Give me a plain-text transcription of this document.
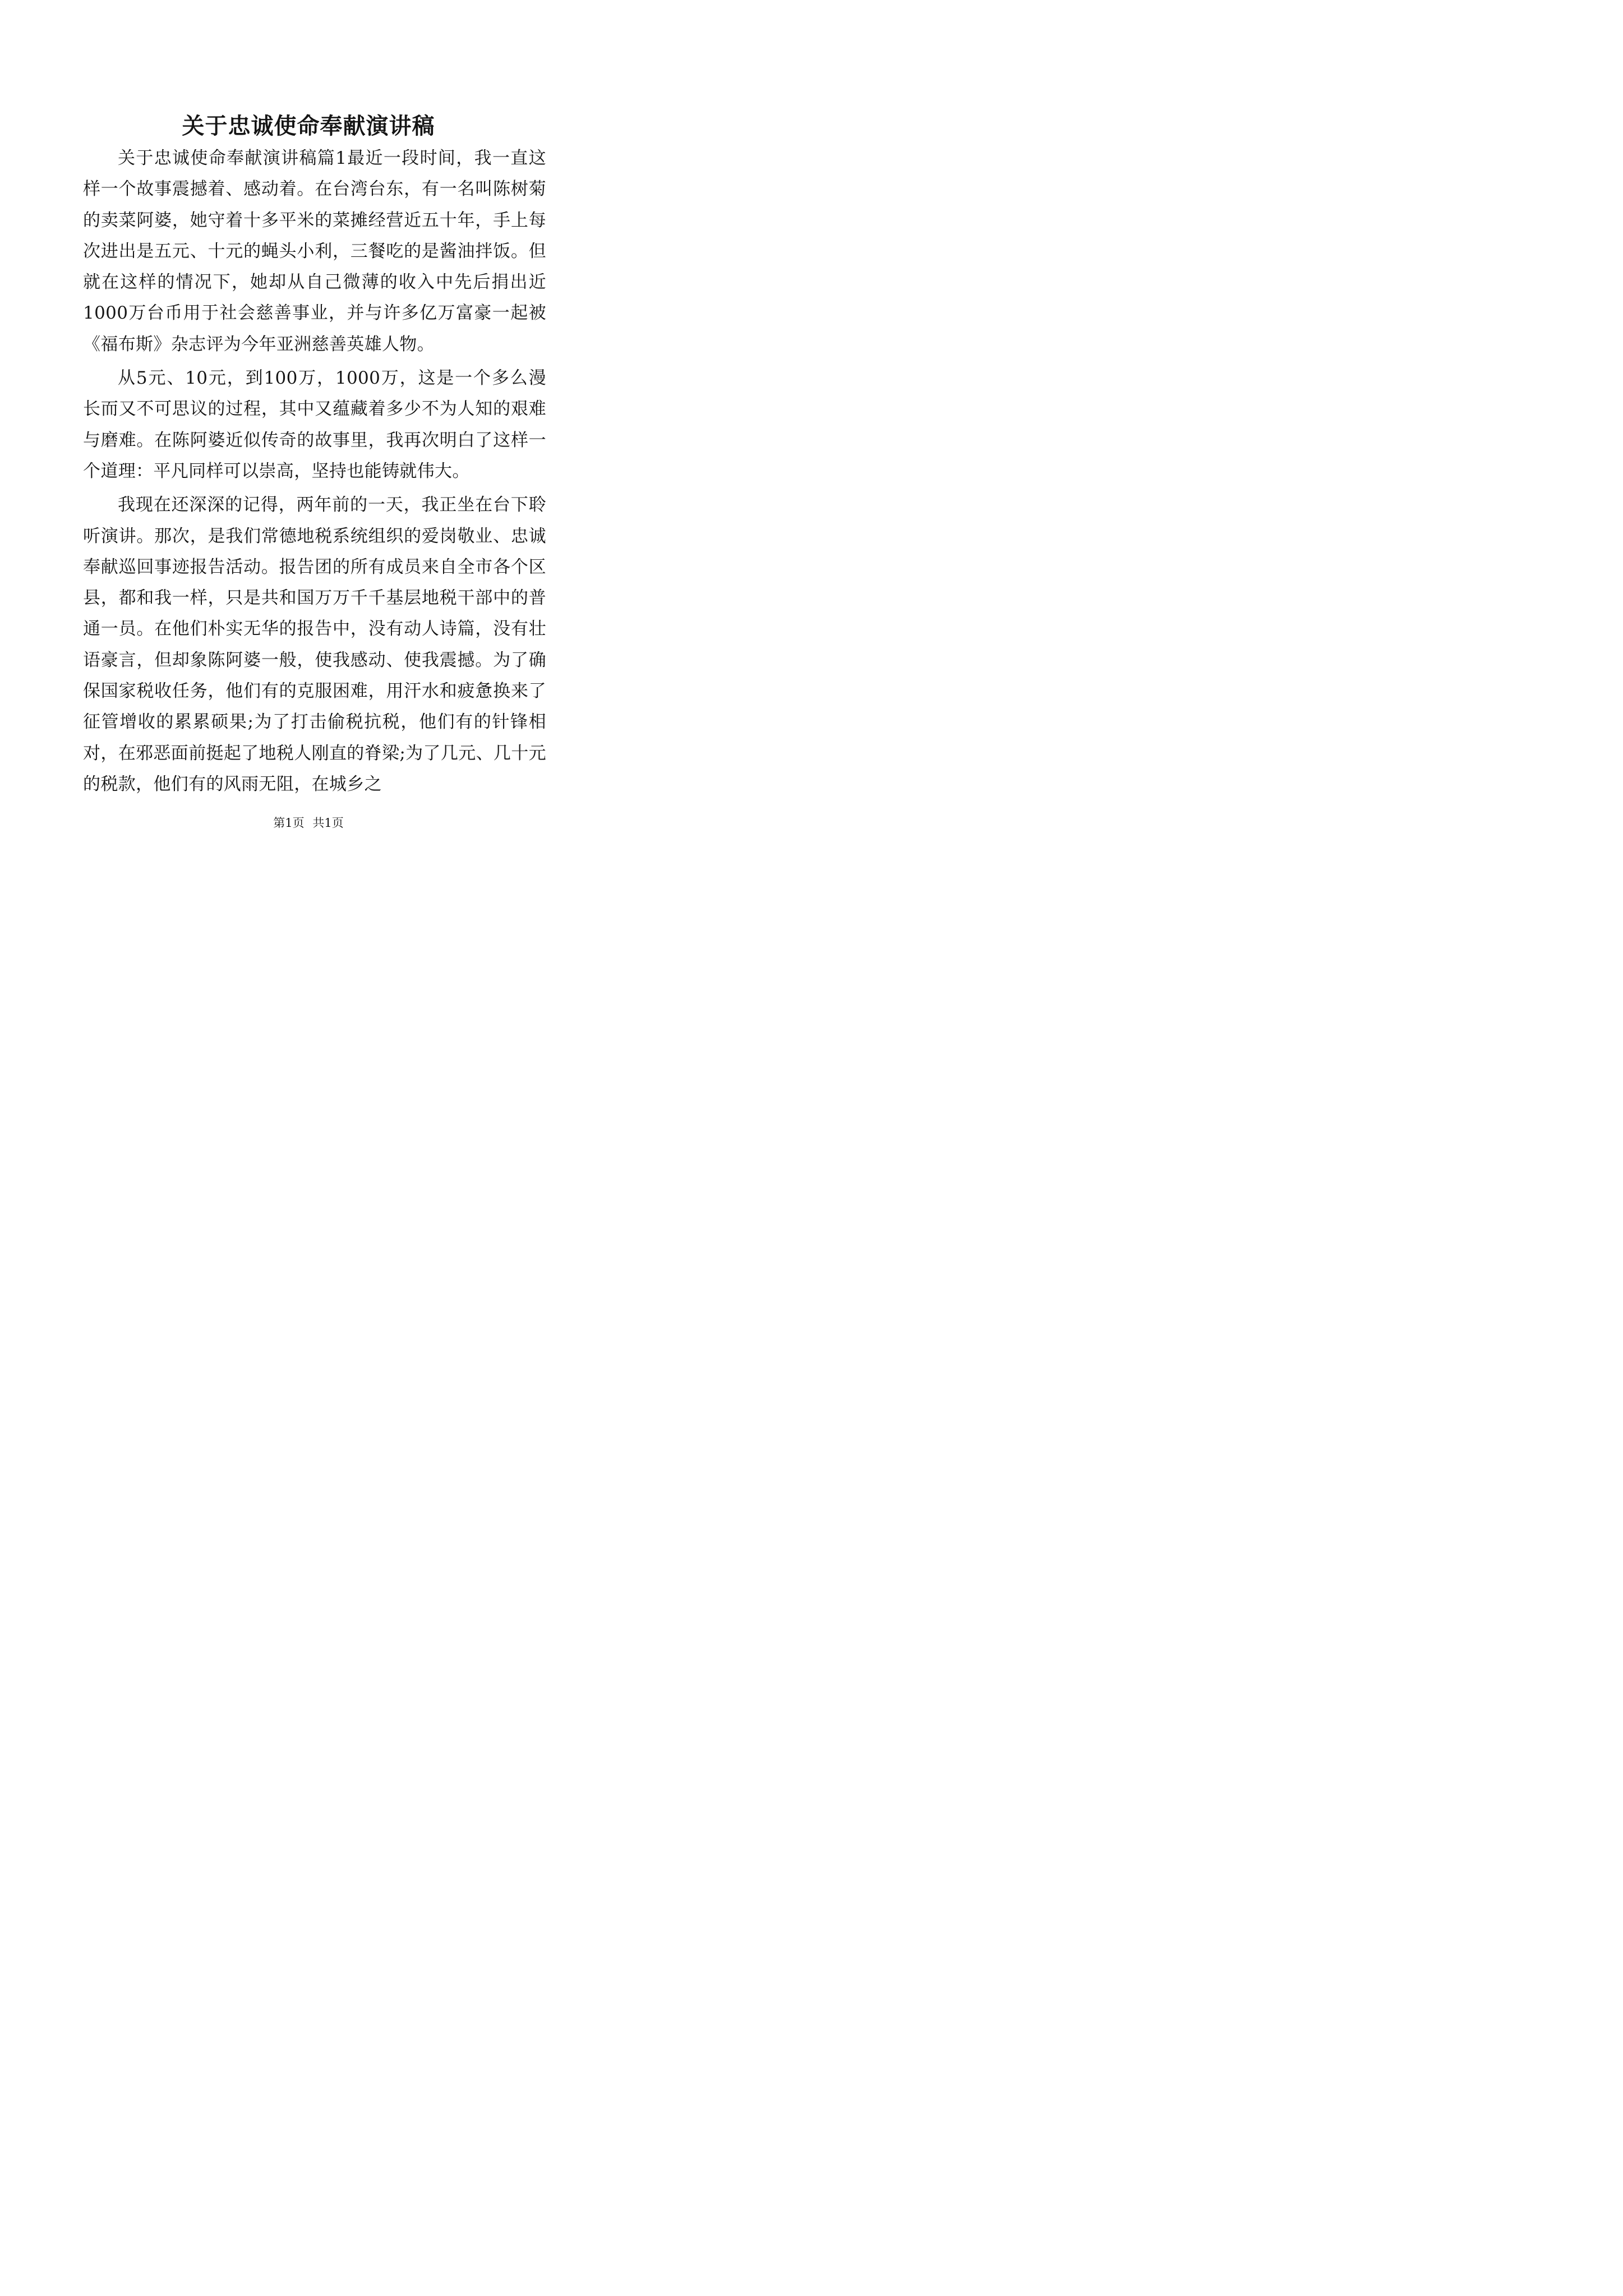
关于忠诚使命奉献演讲稿

关于忠诚使命奉献演讲稿篇1最近一段时间，我一直这样一个故事震撼着、感动着。在台湾台东，有一名叫陈树菊的卖菜阿婆，她守着十多平米的菜摊经营近五十年，手上每次进出是五元、十元的蝇头小利，三餐吃的是酱油拌饭。但就在这样的情况下，她却从自己微薄的收入中先后捐出近1000万台币用于社会慈善事业，并与许多亿万富豪一起被《福布斯》杂志评为今年亚洲慈善英雄人物。

从5元、10元，到100万，1000万，这是一个多么漫长而又不可思议的过程，其中又蕴藏着多少不为人知的艰难与磨难。在陈阿婆近似传奇的故事里，我再次明白了这样一个道理：平凡同样可以崇高，坚持也能铸就伟大。

我现在还深深的记得，两年前的一天，我正坐在台下聆听演讲。那次，是我们常德地税系统组织的爱岗敬业、忠诚奉献巡回事迹报告活动。报告团的所有成员来自全市各个区县，都和我一样，只是共和国万万千千基层地税干部中的普通一员。在他们朴实无华的报告中，没有动人诗篇，没有壮语豪言，但却象陈阿婆一般，使我感动、使我震撼。为了确保国家税收任务，他们有的克服困难，用汗水和疲惫换来了征管增收的累累硕果;为了打击偷税抗税，他们有的针锋相对，在邪恶面前挺起了地税人刚直的脊梁;为了几元、几十元的税款，他们有的风雨无阻，在城乡之

第1页 共1页
